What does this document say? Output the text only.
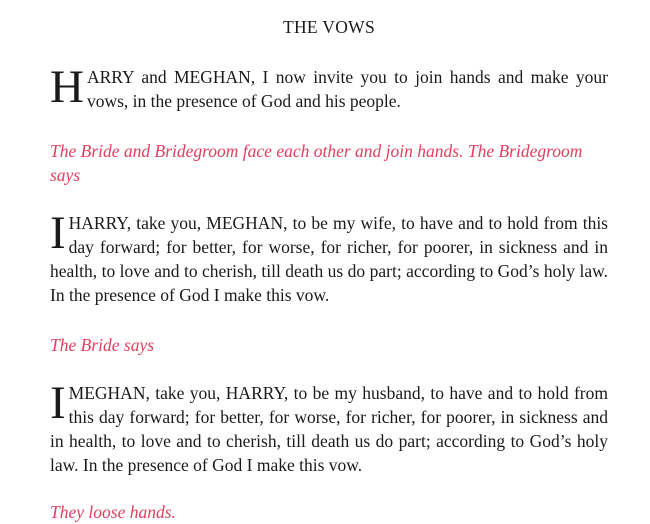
THE VOWS

HARRY and MEGHAN, I now invite you to join hands and make your vows, in the presence of God and his people.

The Bride and Bridegroom face each other and join hands. The Bridegroom says

IHARRY, take you, MEGHAN, to be my wife, to have and to hold from this day forward; for better, for worse, for richer, for poorer, in sickness and in health, to love and to cherish, till death us do part; according to God’s holy law. In the presence of God I make this vow.

The Bride says

IMEGHAN, take you, HARRY, to be my husband, to have and to hold from this day forward; for better, for worse, for richer, for poorer, in sickness and in health, to love and to cherish, till death us do part; according to God’s holy law. In the presence of God I make this vow.

They loose hands.
